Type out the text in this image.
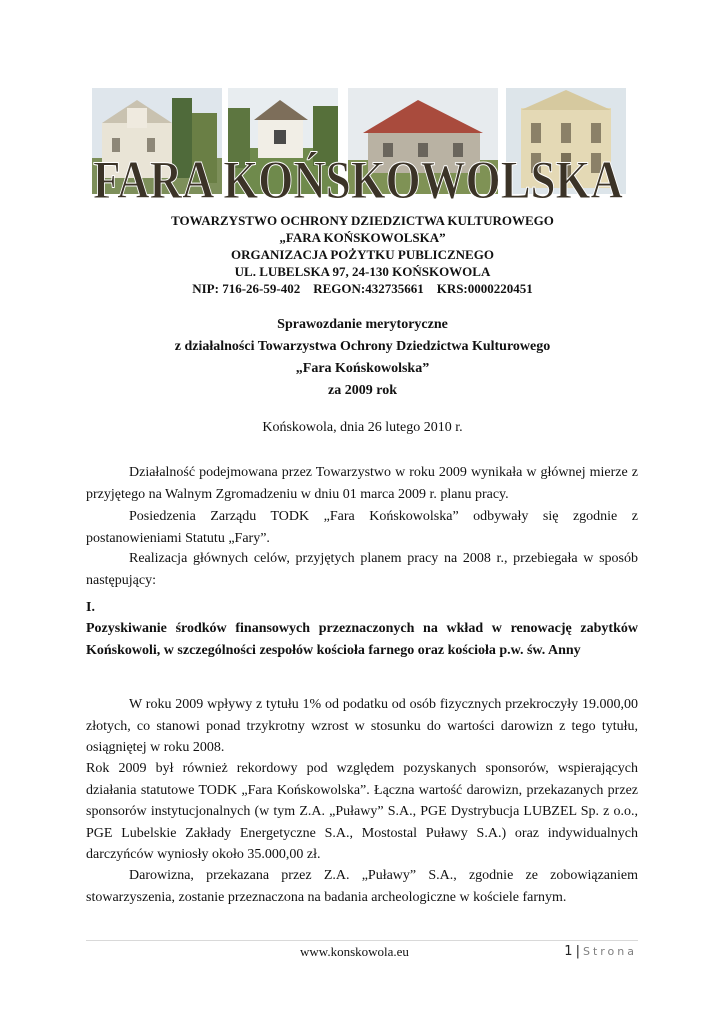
FARA KOŃSKOWOLSKA
TOWARZYSTWO OCHRONY DZIEDZICTWA KULTUROWEGO
„FARA KOŃSKOWOLSKA”
ORGANIZACJA POŻYTKU PUBLICZNEGO
UL. LUBELSKA 97, 24-130 KOŃSKOWOLA
NIP: 716-26-59-402 REGON:432735661 KRS:0000220451
Sprawozdanie merytoryczne
z działalności Towarzystwa Ochrony Dziedzictwa Kulturowego
„Fara Końskowolska”
za 2009 rok
Końskowola, dnia 26 lutego 2010 r.
Działalność podejmowana przez Towarzystwo w roku 2009 wynikała w głównej mierze z przyjętego na Walnym Zgromadzeniu w dniu 01 marca 2009 r. planu pracy.
Posiedzenia Zarządu TODK „Fara Końskowolska” odbywały się zgodnie z postanowieniami Statutu „Fary”.
Realizacja głównych celów, przyjętych planem pracy na 2008 r., przebiegała w sposób następujący:
I.
Pozyskiwanie środków finansowych przeznaczonych na wkład w renowację zabytków Końskowoli, w szczególności zespołów kościoła farnego oraz kościoła p.w. św. Anny
W roku 2009 wpływy z tytułu 1% od podatku od osób fizycznych przekroczyły 19.000,00 złotych, co stanowi ponad trzykrotny wzrost w stosunku do wartości darowizn z tego tytułu, osiągniętej w roku 2008.
Rok 2009 był również rekordowy pod względem pozyskanych sponsorów, wspierających działania statutowe TODK „Fara Końskowolska”. Łączna wartość darowizn, przekazanych przez sponsorów instytucjonalnych (w tym Z.A. „Puławy” S.A., PGE Dystrybucja LUBZEL Sp. z o.o., PGE Lubelskie Zakłady Energetyczne S.A., Mostostal Puławy S.A.) oraz indywidualnych darczyńców wyniosły około 35.000,00 zł.
Darowizna, przekazana przez Z.A. „Puławy” S.A., zgodnie ze zobowiązaniem stowarzyszenia, zostanie przeznaczona na badania archeologiczne w kościele farnym.
www.konskowola.eu	1 | Strona
